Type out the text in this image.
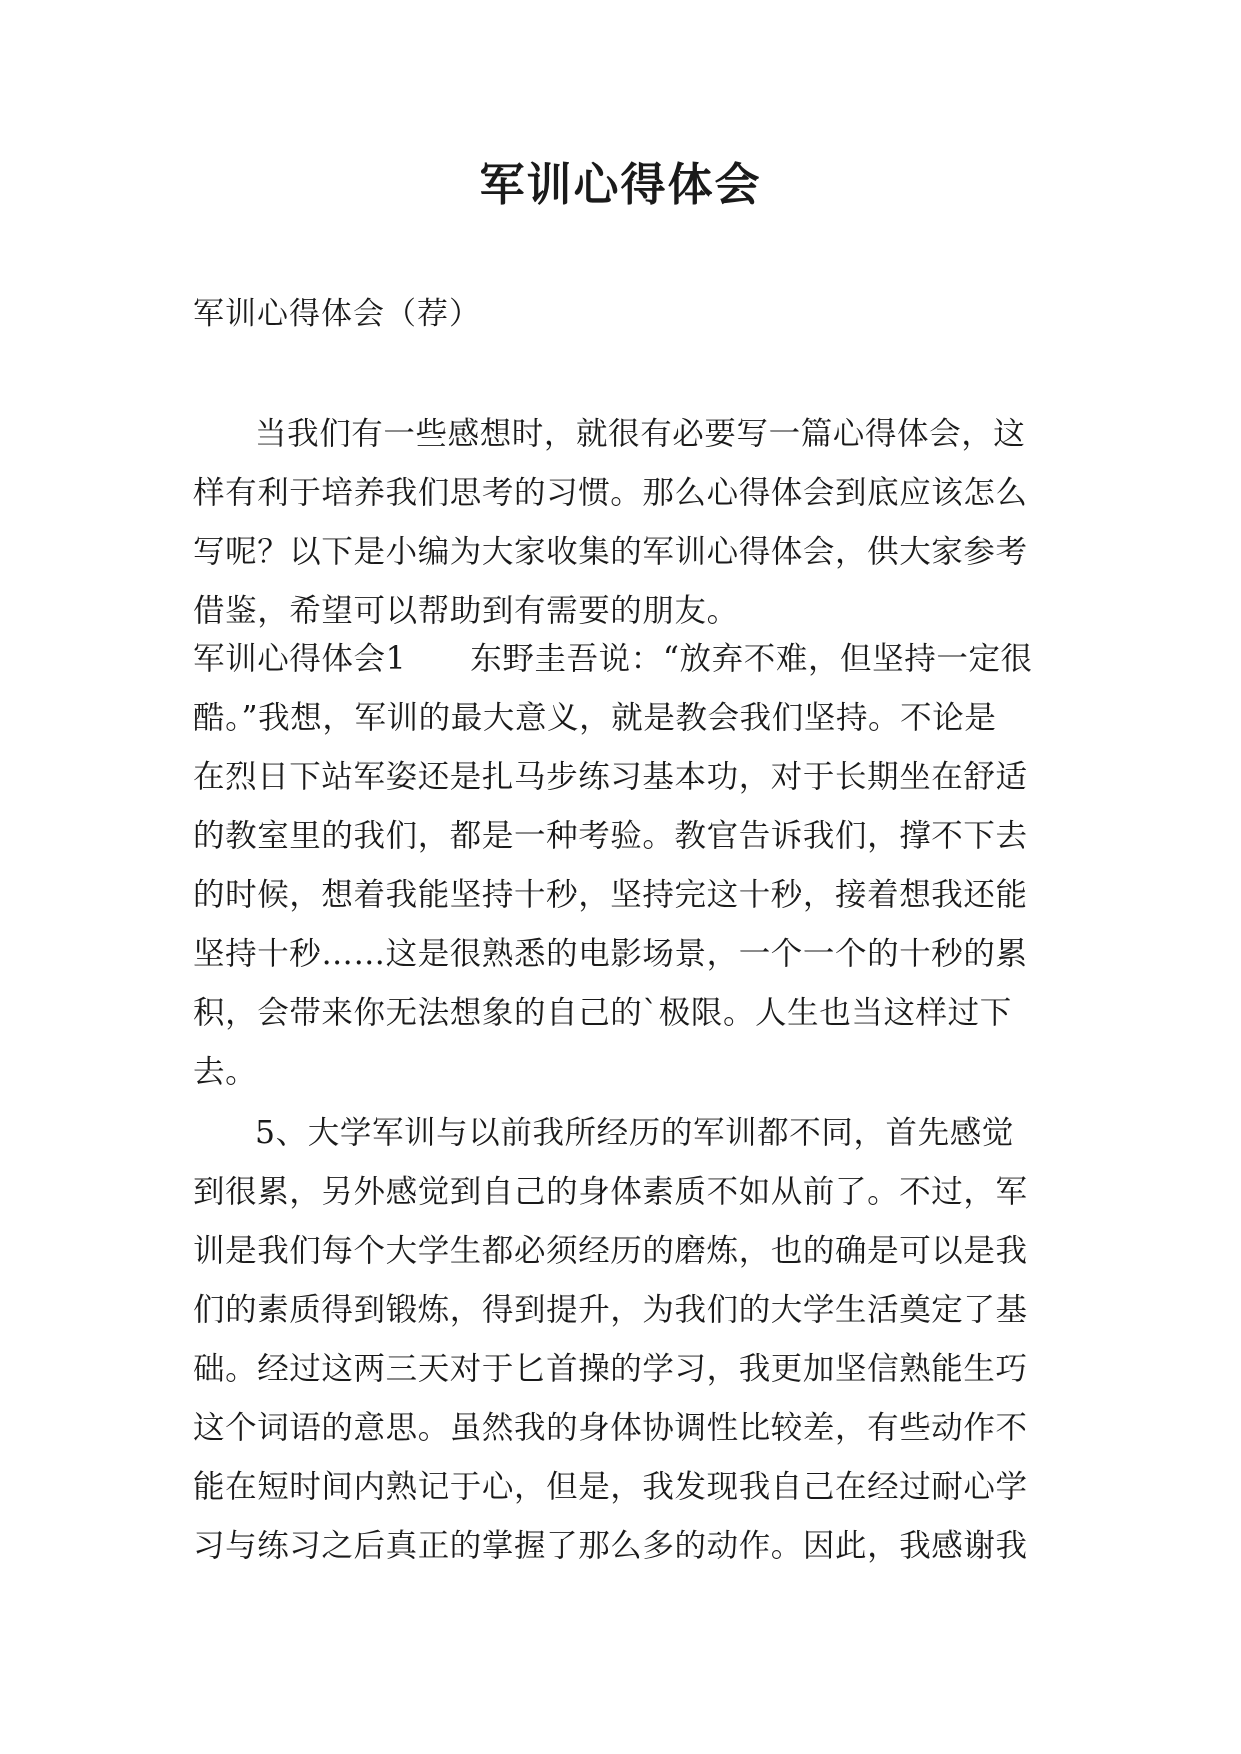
军训心得体会
军训心得体会（荐）
当我们有一些感想时，就很有必要写一篇心得体会，这
样有利于培养我们思考的习惯。那么心得体会到底应该怎么
写呢？以下是小编为大家收集的军训心得体会，供大家参考
借鉴，希望可以帮助到有需要的朋友。
军训心得体会1 东野圭吾说：“放弃不难，但坚持一定很
酷。”我想，军训的最大意义，就是教会我们坚持。不论是
在烈日下站军姿还是扎马步练习基本功，对于长期坐在舒适
的教室里的我们，都是一种考验。教官告诉我们，撑不下去
的时候，想着我能坚持十秒，坚持完这十秒，接着想我还能
坚持十秒……这是很熟悉的电影场景，一个一个的十秒的累
积，会带来你无法想象的自己的`极限。人生也当这样过下
去。
5、大学军训与以前我所经历的军训都不同，首先感觉
到很累，另外感觉到自己的身体素质不如从前了。不过，军
训是我们每个大学生都必须经历的磨炼，也的确是可以是我
们的素质得到锻炼，得到提升，为我们的大学生活奠定了基
础。经过这两三天对于匕首操的学习，我更加坚信熟能生巧
这个词语的意思。虽然我的身体协调性比较差，有些动作不
能在短时间内熟记于心，但是，我发现我自己在经过耐心学
习与练习之后真正的掌握了那么多的动作。因此，我感谢我
